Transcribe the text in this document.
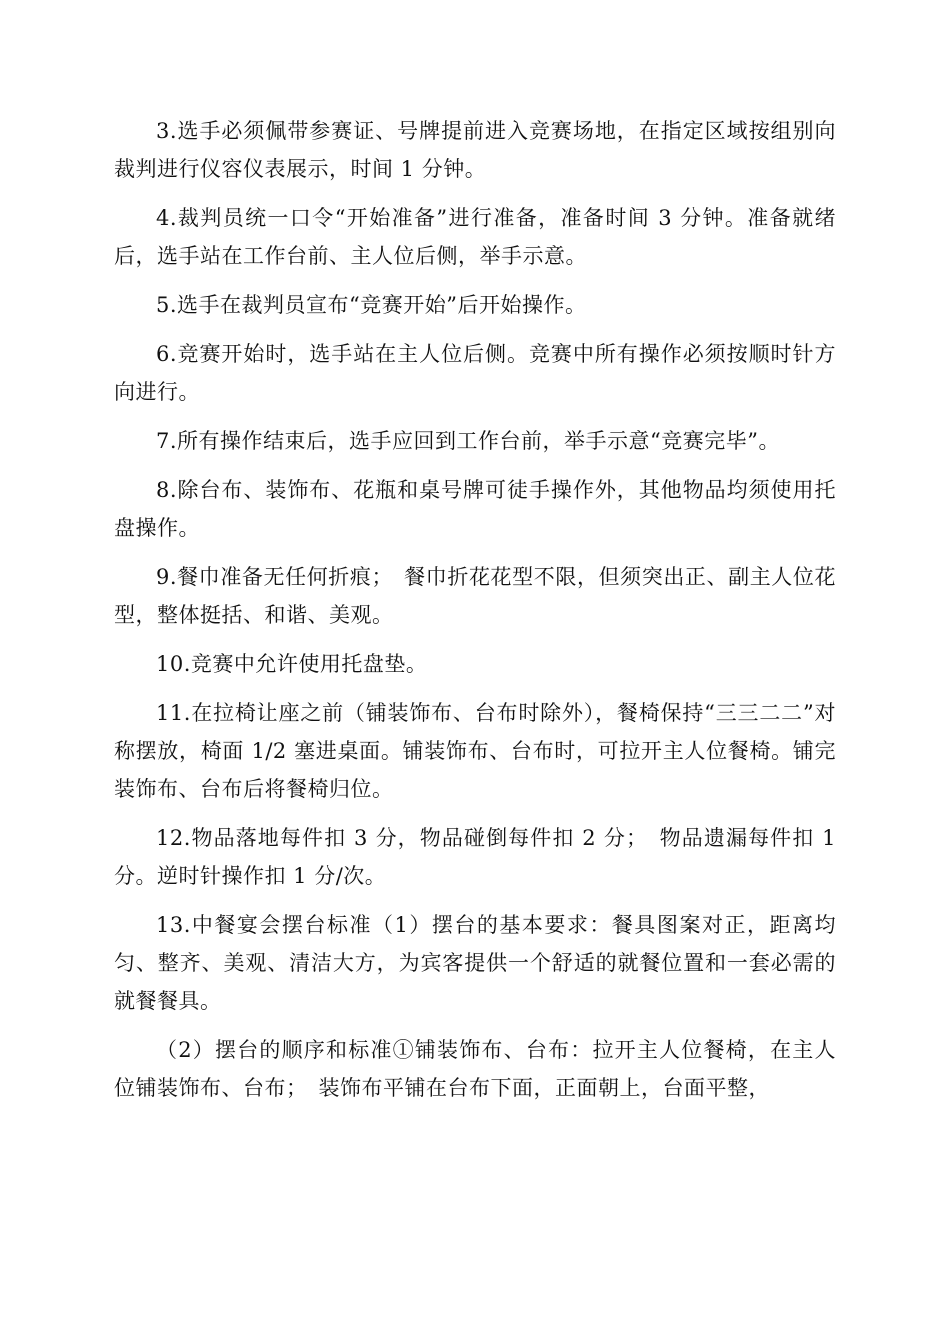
3.选手必须佩带参赛证、号牌提前进入竞赛场地，在指定区域按组别向裁判进行仪容仪表展示，时间 1 分钟。

4.裁判员统一口令“开始准备”进行准备，准备时间 3 分钟。准备就绪后，选手站在工作台前、主人位后侧，举手示意。

5.选手在裁判员宣布“竞赛开始”后开始操作。

6.竞赛开始时，选手站在主人位后侧。竞赛中所有操作必须按顺时针方向进行。

7.所有操作结束后，选手应回到工作台前，举手示意“竞赛完毕”。

8.除台布、装饰布、花瓶和桌号牌可徒手操作外，其他物品均须使用托盘操作。

9.餐巾准备无任何折痕；　餐巾折花花型不限，但须突出正、副主人位花型，整体挺括、和谐、美观。

10.竞赛中允许使用托盘垫。

11.在拉椅让座之前（铺装饰布、台布时除外），餐椅保持“三三二二”对称摆放，椅面 1/2 塞进桌面。铺装饰布、台布时，可拉开主人位餐椅。铺完装饰布、台布后将餐椅归位。

12.物品落地每件扣 3 分，物品碰倒每件扣 2 分；　物品遗漏每件扣 1 分。逆时针操作扣 1 分/次。

13.中餐宴会摆台标准（1）摆台的基本要求：餐具图案对正，距离均匀、整齐、美观、清洁大方，为宾客提供一个舒适的就餐位置和一套必需的就餐餐具。

（2）摆台的顺序和标准①铺装饰布、台布：拉开主人位餐椅，在主人位铺装饰布、台布；　装饰布平铺在台布下面，正面朝上，台面平整，
